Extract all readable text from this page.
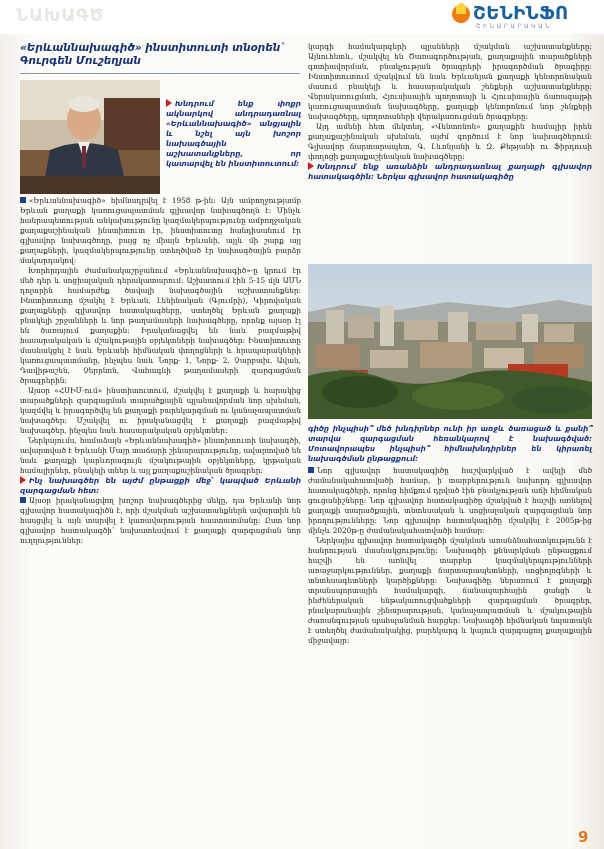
ՆԱԽԱԳԾ	ՇԵՆԻՆՖՈ
ՇԻՆԱՐԱՐԱԿԱՆ
«Երևաննախագիծ» ինստիտուտի տնօրեն` Գուրգեն Մուշեղյան
Խնդրում ենք փոքր ակնարկով անդրադառնալ «Երևաննախագիծ» անցյալին և նշել այն խոշոր նախագծային աշխատանքները, որ կատարվել են ինստիտուտում:

«Երևաննախագիծ» հիմնադրվել է 1958 թ-ին: Այն ամբողջությամբ Երևան քաղաքի կառուցապատման գլխավոր նախագծողն է: Մինչև հանրապետության անկախությունը կազմակերպությունը ամբողջական քաղաքաշինական ինստիտուտ էր, ինստիտուտը հանդիսանում էր գլխավոր նախագծողը, բայց ոչ միայն Երևանի, այլև մի շարք այլ քաղաքների, կազմակերպությունը ստեղծված էր նախագծային բարձր մակարդակով:

Խորհրդային ժամանակաշրջանում «Երևաննախագիծ»-ը կրում էր մեծ դեր և սոցիալական դերակատարում: Աշխատում էին 5-15 մլն ԱՄՆ դոլարին համարժեք ծավալի նախագծային աշխատանքներ: Ինստիտուտը մշակել է Երևան, Լենինական (Գյումրի), Կիրովական քաղաքների գլխավոր հատակագծերը, ստեղծել Երևան քաղաքի բնակելի շրջանների և նոր թաղամասերի նախագծերը, որոնք այսօր էլ են ծառայում քաղաքին: Իրականացվել են նաև բազմաթիվ հասարակական և մշակութային օբյեկտների նախագծեր: Ինստիտուտը մասնակցել է նաև Երևանի հիմնական փողոցների և հրապարակների կառուցապատմանը, ինչպես նաև Նորք- 1, Նորք- 2, Չարբախ, Ավան, Դավիթաշեն, Չերրնոն, Վահագնի թաղամասերի զարգացման ծրագրերին:

Այսօր «ՀՍԻՄ-ում» ինստիտուտում, մշակվել է քաղաքի և հարակից տարածքների զարգացման տարածքային պլանավորման նոր սխեման, կազմվել և իրագործվել են քաղաքի բարեկարգման ու կանաչապատման նախագծեր: Մշակվել ու իրականացվել է քաղաքի բազմաթիվ նախագծեր, ինչպես նաև հասարակական օբյեկտներ:

Ներկայումս, համաձայն «Երևաննախագիծ» ինստիտուտի նախագծի, ավարտված է Երևանի Մայր տաճարի շինարարությունը, ավարտված են նաև քաղաքի կարևորագույն մշակութային օբյեկտները, կրթական համալիրներ, բնակելի տներ և այլ քաղաքաշինական ծրագրեր:

Ինչ նախագծեր են այժմ ընթացքի մեջ՝ կապված Երևանի զարգացման հետ:

Այսօր իրականացվող խոշոր նախագծերից մեկը, դա Երևանի նոր գլխավոր հատակագիծն է, որի մշակման աշխատանքներն ավարտին են հասցվել և այն տարվել է կառավարության հաստատմանը: Ըստ նոր գլխավոր հատակագծի՝ նախատեսվում է քաղաքի զարգացման նոր ուղղություններ:

կարգի համակարգերի պլանների մշակման աշխատանքները: Այնուհետև, մշակվել են Ծառագործության, քաղաքային տարածքների գոտիավորման, բնակչության ծրագրերի իրագործման ծրագիրը: Ինստիտուտում մշակվում են նաև Երևանյան քաղաքի կենտրոնական մասում բնակելի և հասարակական շենքերի աշխատանքները: Վերակառուցման, Հյուսիսային պողոտայի և Հյուսիսային ճառագայթի կառուցապատման նախագծերը, քաղաքի կենտրոնում նոր շենքերի նախագծերը, պողոտաների վերակառուցման ծրագրերը:

Այդ ամենի հետ մեկտեղ, «Վենտոնոն» քաղաքին համալիր իրեն քաղաքաշինական սխեման, այժմ գործում է նոր նախագծերում: Գլխավոր ճարտարապետ, Գ. Լևոնյանի և Զ. Քեթյանի ու Ֆիրդուսի փողոցի քաղաքաշինական նախագծերը:

Խնդրում ենք առանձին անդրադառնալ քաղաքի գլխավոր հատակագծին: Ներկա գլխավոր հատակագիծը

գիծը ինչպիսի՞ մեծ խնդիրներ ունի իր առջև ծառացած և քանի՞ տարվա զարգացման հեռանկարով է նախագծված: Մոտավորապես ինչպիսի՞ հիմնախնդիրներ են կիրառել նախագծման ընթացքում:

Նոր գլխավոր հատակագիծը հաշվարկված է ավելի մեծ ժամանակահատվածի համար, ի տարբերություն նախորդ գլխավոր հատակագծերի, որոնց հիմքում դրված էին բնակչության աճի հիմնական ցուցանիշները: Նոր գլխավոր հատակագիծը մշակված է հաշվի առնելով քաղաքի տարածքային, տնտեսական և սոցիալական զարգացման նոր իրողությունները: Նոր գլխավոր հատակագիծը մշակվել է 2005թ-ից մինչև 2020թ-ը ժամանակահատվածի համար:

Ներկայիս գլխավոր հատակագծի մշակման առանձնահատկությունն է հանրության մասնակցությունը: Նախագծի քննարկման ընթացքում հաշվի են առնվել տարբեր կազմակերպությունների առաջարկություններ, քաղաքի ճարտարապետների, սոցիոլոգների և տնտեսագետների կարծիքները: Նախագիծը ներառում է քաղաքի տրանսպորտային համակարգի, ճանապարհային ցանցի և ինժեներական ենթակառուցվածքների զարգացման ծրագրեր, բնակարանային շինարարության, կանաչապատման և մշակութային ժառանգության պահպանման հարցեր: Նախագծի հիմնական նպատակն է ստեղծել ժամանակակից, բարեկարգ և կայուն զարգացող քաղաքային միջավայր:

9
